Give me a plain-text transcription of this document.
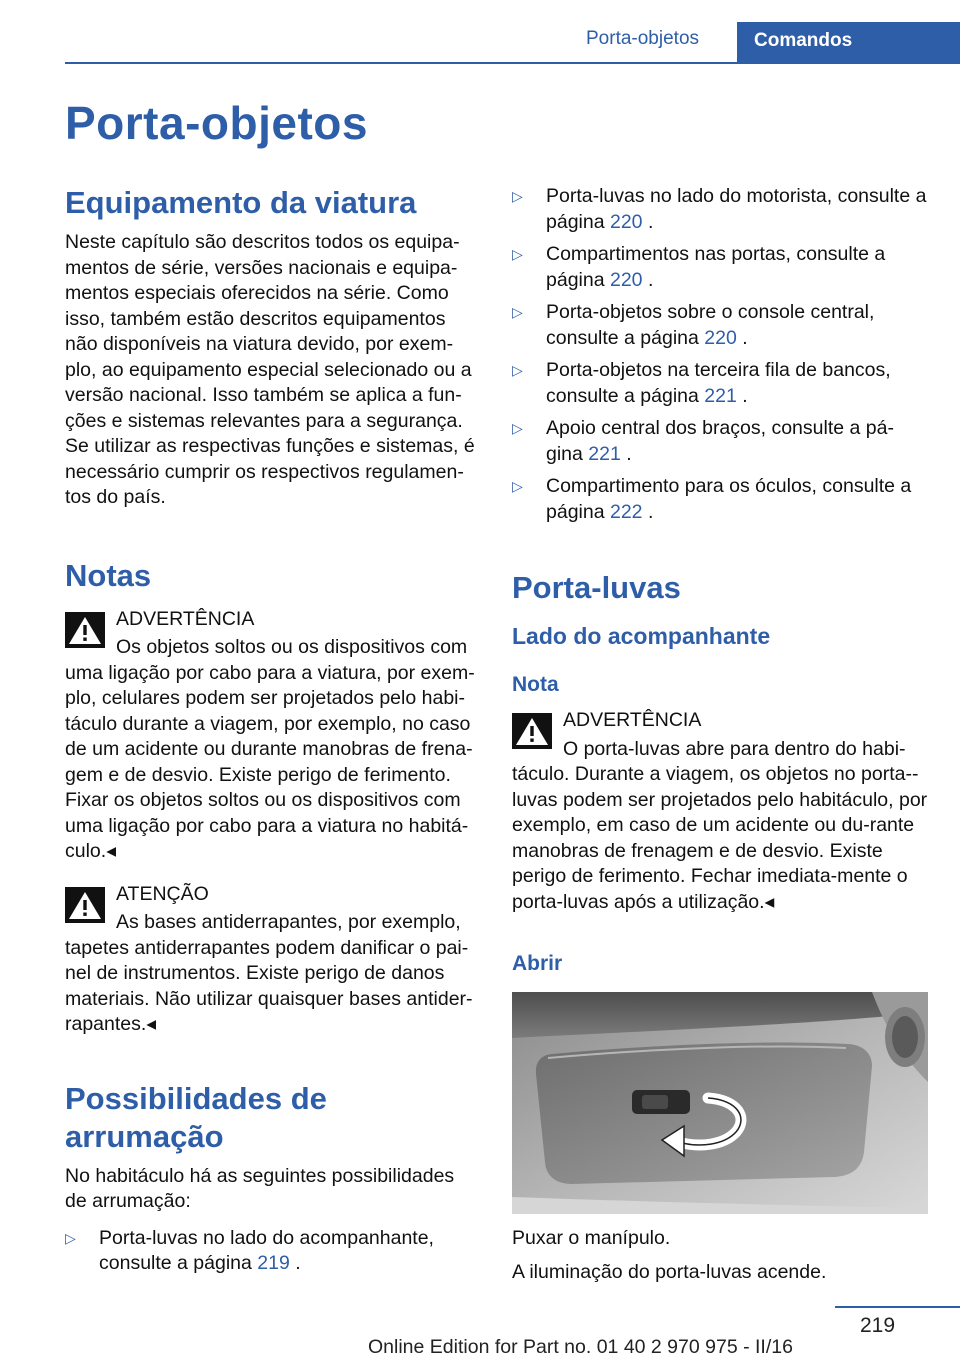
Porta-objetos	Comandos
Porta-objetos
Equipamento da viatura

Neste capítulo são descritos todos os equipa-mentos de série, versões nacionais e equipa-mentos especiais oferecidos na série. Como isso, também estão descritos equipamentos não disponíveis na viatura devido, por exem-plo, ao equipamento especial selecionado ou a versão nacional. Isso também se aplica a fun-ções e sistemas relevantes para a segurança. Se utilizar as respectivas funções e sistemas, é necessário cumprir os respectivos regulamen-tos do país.

Notas
ADVERTÊNCIA

Os objetos soltos ou os dispositivos com uma ligação por cabo para a viatura, por exem-plo, celulares podem ser projetados pelo habi-táculo durante a viagem, por exemplo, no caso de um acidente ou durante manobras de frena-gem e de desvio. Existe perigo de ferimento. Fixar os objetos soltos ou os dispositivos com uma ligação por cabo para a viatura no habitá-culo.◂

ATENÇÃO

As bases antiderrapantes, por exemplo, tapetes antiderrapantes podem danificar o pai-nel de instrumentos. Existe perigo de danos materiais. Não utilizar quaisquer bases antider-rapantes.◂

Possibilidades de arrumação

No habitáculo há as seguintes possibilidades de arrumação:

▷ Porta-luvas no lado do acompanhante, consulte a página 219 .
▷ Porta-luvas no lado do motorista, consulte a página 220 .
▷ Compartimentos nas portas, consulte a página 220 .
▷ Porta-objetos sobre o console central, consulte a página 220 .
▷ Porta-objetos na terceira fila de bancos, consulte a página 221 .
▷ Apoio central dos braços, consulte a pá-gina 221 .
▷ Compartimento para os óculos, consulte a página 222 .
Porta-luvas
Lado do acompanhante
Nota
ADVERTÊNCIA

O porta-luvas abre para dentro do habi-táculo. Durante a viagem, os objetos no porta--luvas podem ser projetados pelo habitáculo, por exemplo, em caso de um acidente ou du-rante manobras de frenagem e de desvio. Existe perigo de ferimento. Fechar imediata-mente o porta-luvas após a utilização.◂

Abrir

Puxar o manípulo.

A iluminação do porta-luvas acende.

219
Online Edition for Part no. 01 40 2 970 975 - II/16
